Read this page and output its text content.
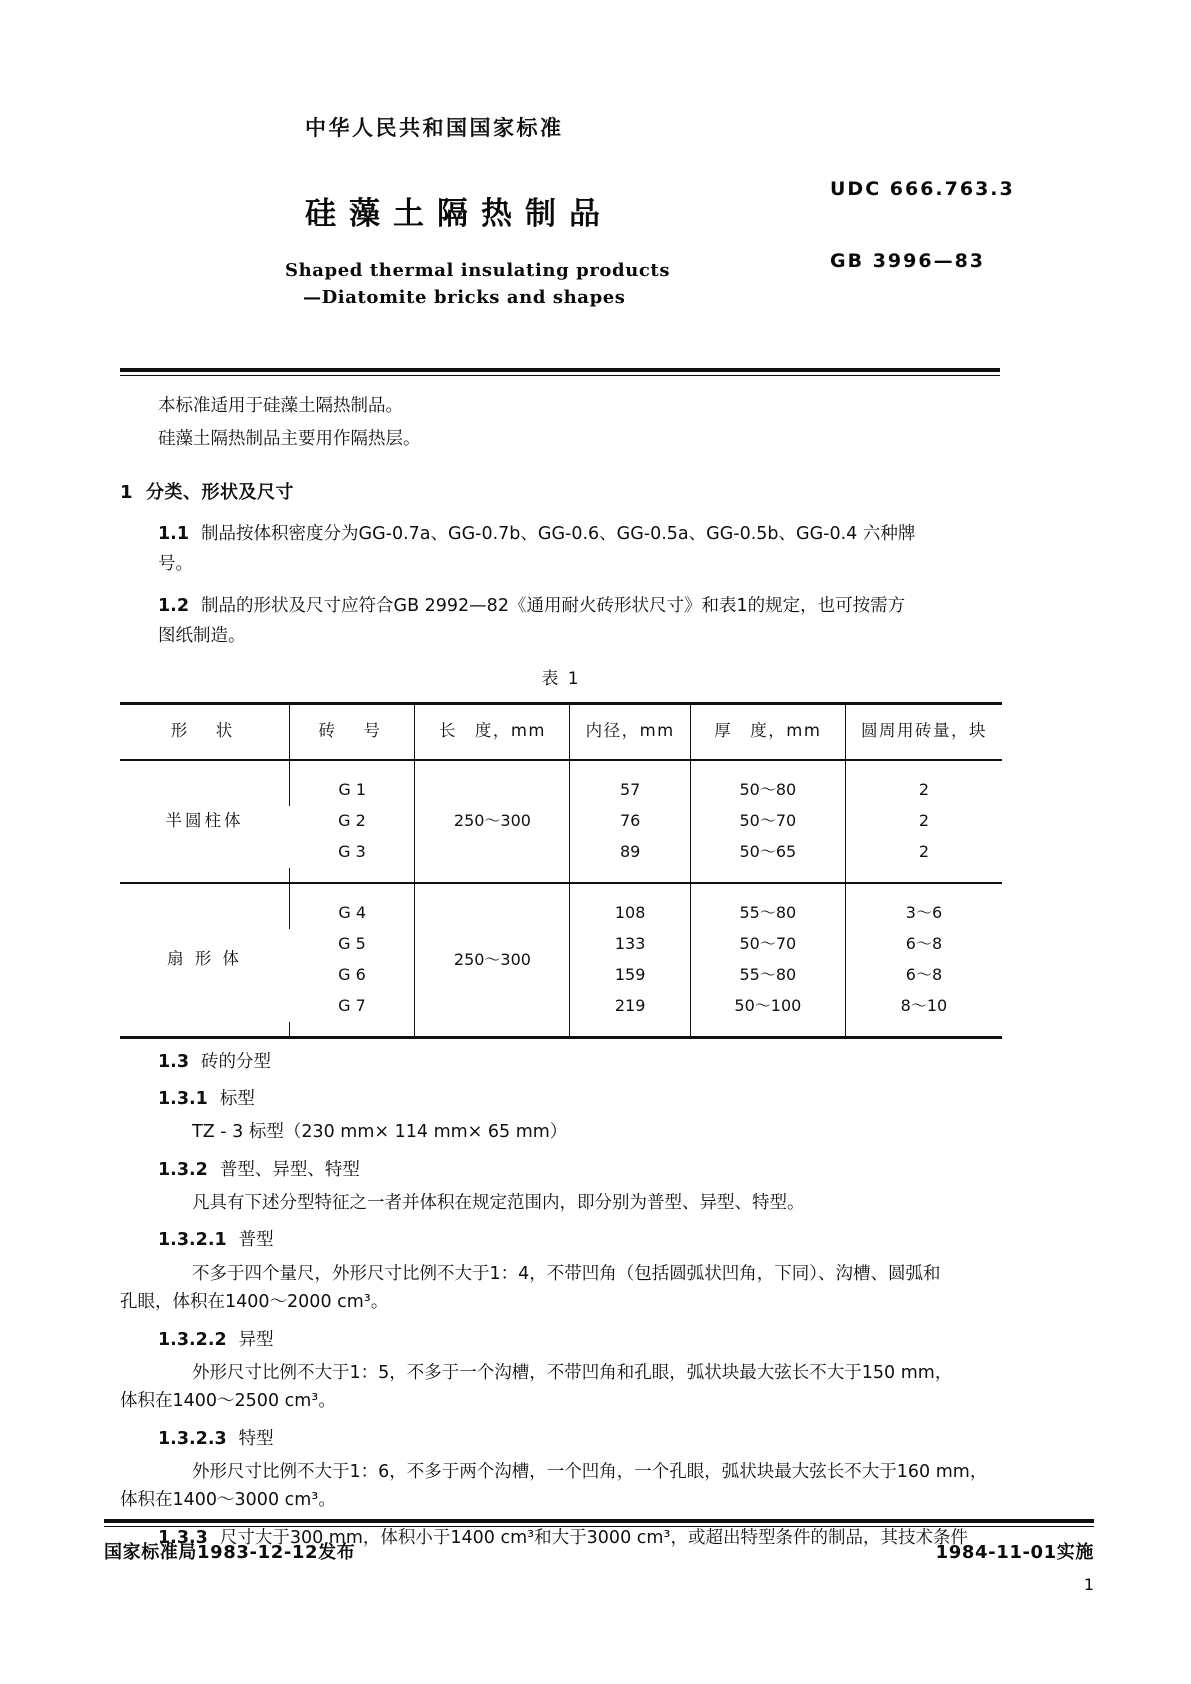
中华人民共和国国家标准
硅藻土隔热制品
Shaped thermal insulating products
—Diatomite bricks and shapes
UDC 666.763.3
GB 3996—83
本标准适用于硅藻土隔热制品。
硅藻土隔热制品主要用作隔热层。
1 分类、形状及尺寸
1.1 制品按体积密度分为GG-0.7a、GG-0.7b、GG-0.6、GG-0.5a、GG-0.5b、GG-0.4 六种牌
号。
1.2 制品的形状及尺寸应符合GB 2992—82《通用耐火砖形状尺寸》和表1的规定，也可按需方
图纸制造。
表 1
形　状	砖　号	长　度，mm	内径，mm	厚　度，mm	圆周用砖量，块

半圆柱体	G 1	250～300	57	50～80	2
	G 2		76	50～70	2
	G 3		89	50～65	2

扇 形 体	G 4	250～300	108	55～80	3～6
	G 5		133	50～70	6～8
	G 6		159	55～80	6～8
	G 7		219	50～100	8～10

1.3 砖的分型
1.3.1 标型
TZ - 3 标型（230 mm× 114 mm× 65 mm）
1.3.2 普型、异型、特型
凡具有下述分型特征之一者并体积在规定范围内，即分别为普型、异型、特型。
1.3.2.1 普型
不多于四个量尺，外形尺寸比例不大于1：4，不带凹角（包括圆弧状凹角，下同）、沟槽、圆弧和
孔眼，体积在1400～2000 cm³。
1.3.2.2 异型
外形尺寸比例不大于1：5，不多于一个沟槽，不带凹角和孔眼，弧状块最大弦长不大于150 mm，
体积在1400～2500 cm³。
1.3.2.3 特型
外形尺寸比例不大于1：6，不多于两个沟槽，一个凹角，一个孔眼，弧状块最大弦长不大于160 mm，
体积在1400～3000 cm³。
1.3.3 尺寸大于300 mm，体积小于1400 cm³和大于3000 cm³，或超出特型条件的制品，其技术条件
国家标准局1983-12-12发布	1984-11-01实施
1
